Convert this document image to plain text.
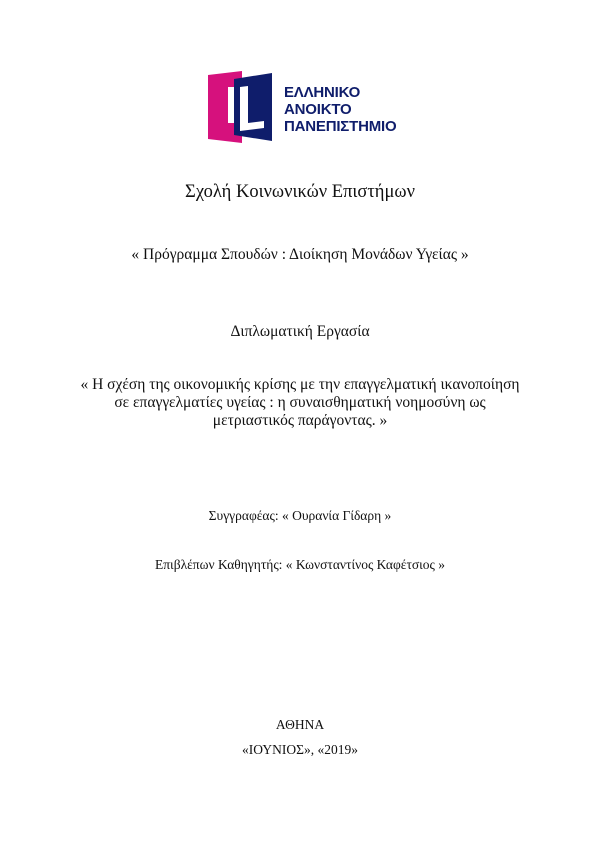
ΕΛΛΗΝΙΚΟ
ΑΝΟΙΚΤΟ
ΠΑΝΕΠΙΣΤΗΜΙΟ
Σχολή Κοινωνικών Επιστήμων
« Πρόγραμμα Σπουδών : Διοίκηση Μονάδων Υγείας »
Διπλωματική Εργασία
« Η σχέση της οικονομικής κρίσης με την επαγγελματική ικανοποίηση
σε επαγγελματίες υγείας : η συναισθηματική νοημοσύνη ως
μετριαστικός παράγοντας. »
Συγγραφέας: « Ουρανία Γίδαρη »
Επιβλέπων Καθηγητής: « Κωνσταντίνος Καφέτσιος »
ΑΘΗΝΑ
«ΙΟΥΝΙΟΣ», «2019»
